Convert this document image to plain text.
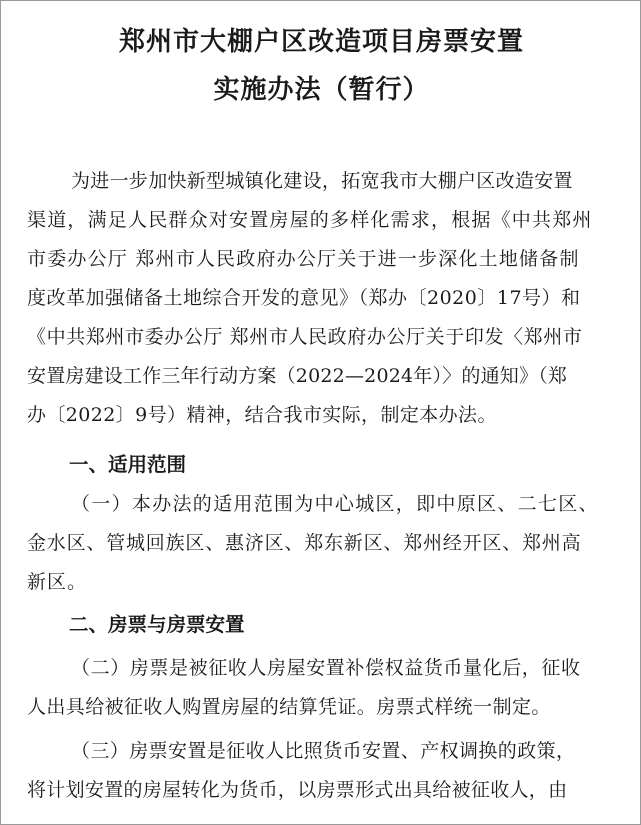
郑州市大棚户区改造项目房票安置
实施办法（暂行）
为进一步加快新型城镇化建设，拓宽我市大棚户区改造安置
渠道，满足人民群众对安置房屋的多样化需求，根据《中共郑州
市委办公厅 郑州市人民政府办公厅关于进一步深化土地储备制
度改革加强储备土地综合开发的意见》（郑办〔2020〕17号）和
《中共郑州市委办公厅 郑州市人民政府办公厅关于印发〈郑州市
安置房建设工作三年行动方案（2022—2024年）〉的通知》（郑
办〔2022〕9号）精神，结合我市实际，制定本办法。
一、适用范围
（一）本办法的适用范围为中心城区，即中原区、二七区、
金水区、管城回族区、惠济区、郑东新区、郑州经开区、郑州高
新区。
二、房票与房票安置
（二）房票是被征收人房屋安置补偿权益货币量化后，征收
人出具给被征收人购置房屋的结算凭证。房票式样统一制定。
（三）房票安置是征收人比照货币安置、产权调换的政策，
将计划安置的房屋转化为货币，以房票形式出具给被征收人，由
